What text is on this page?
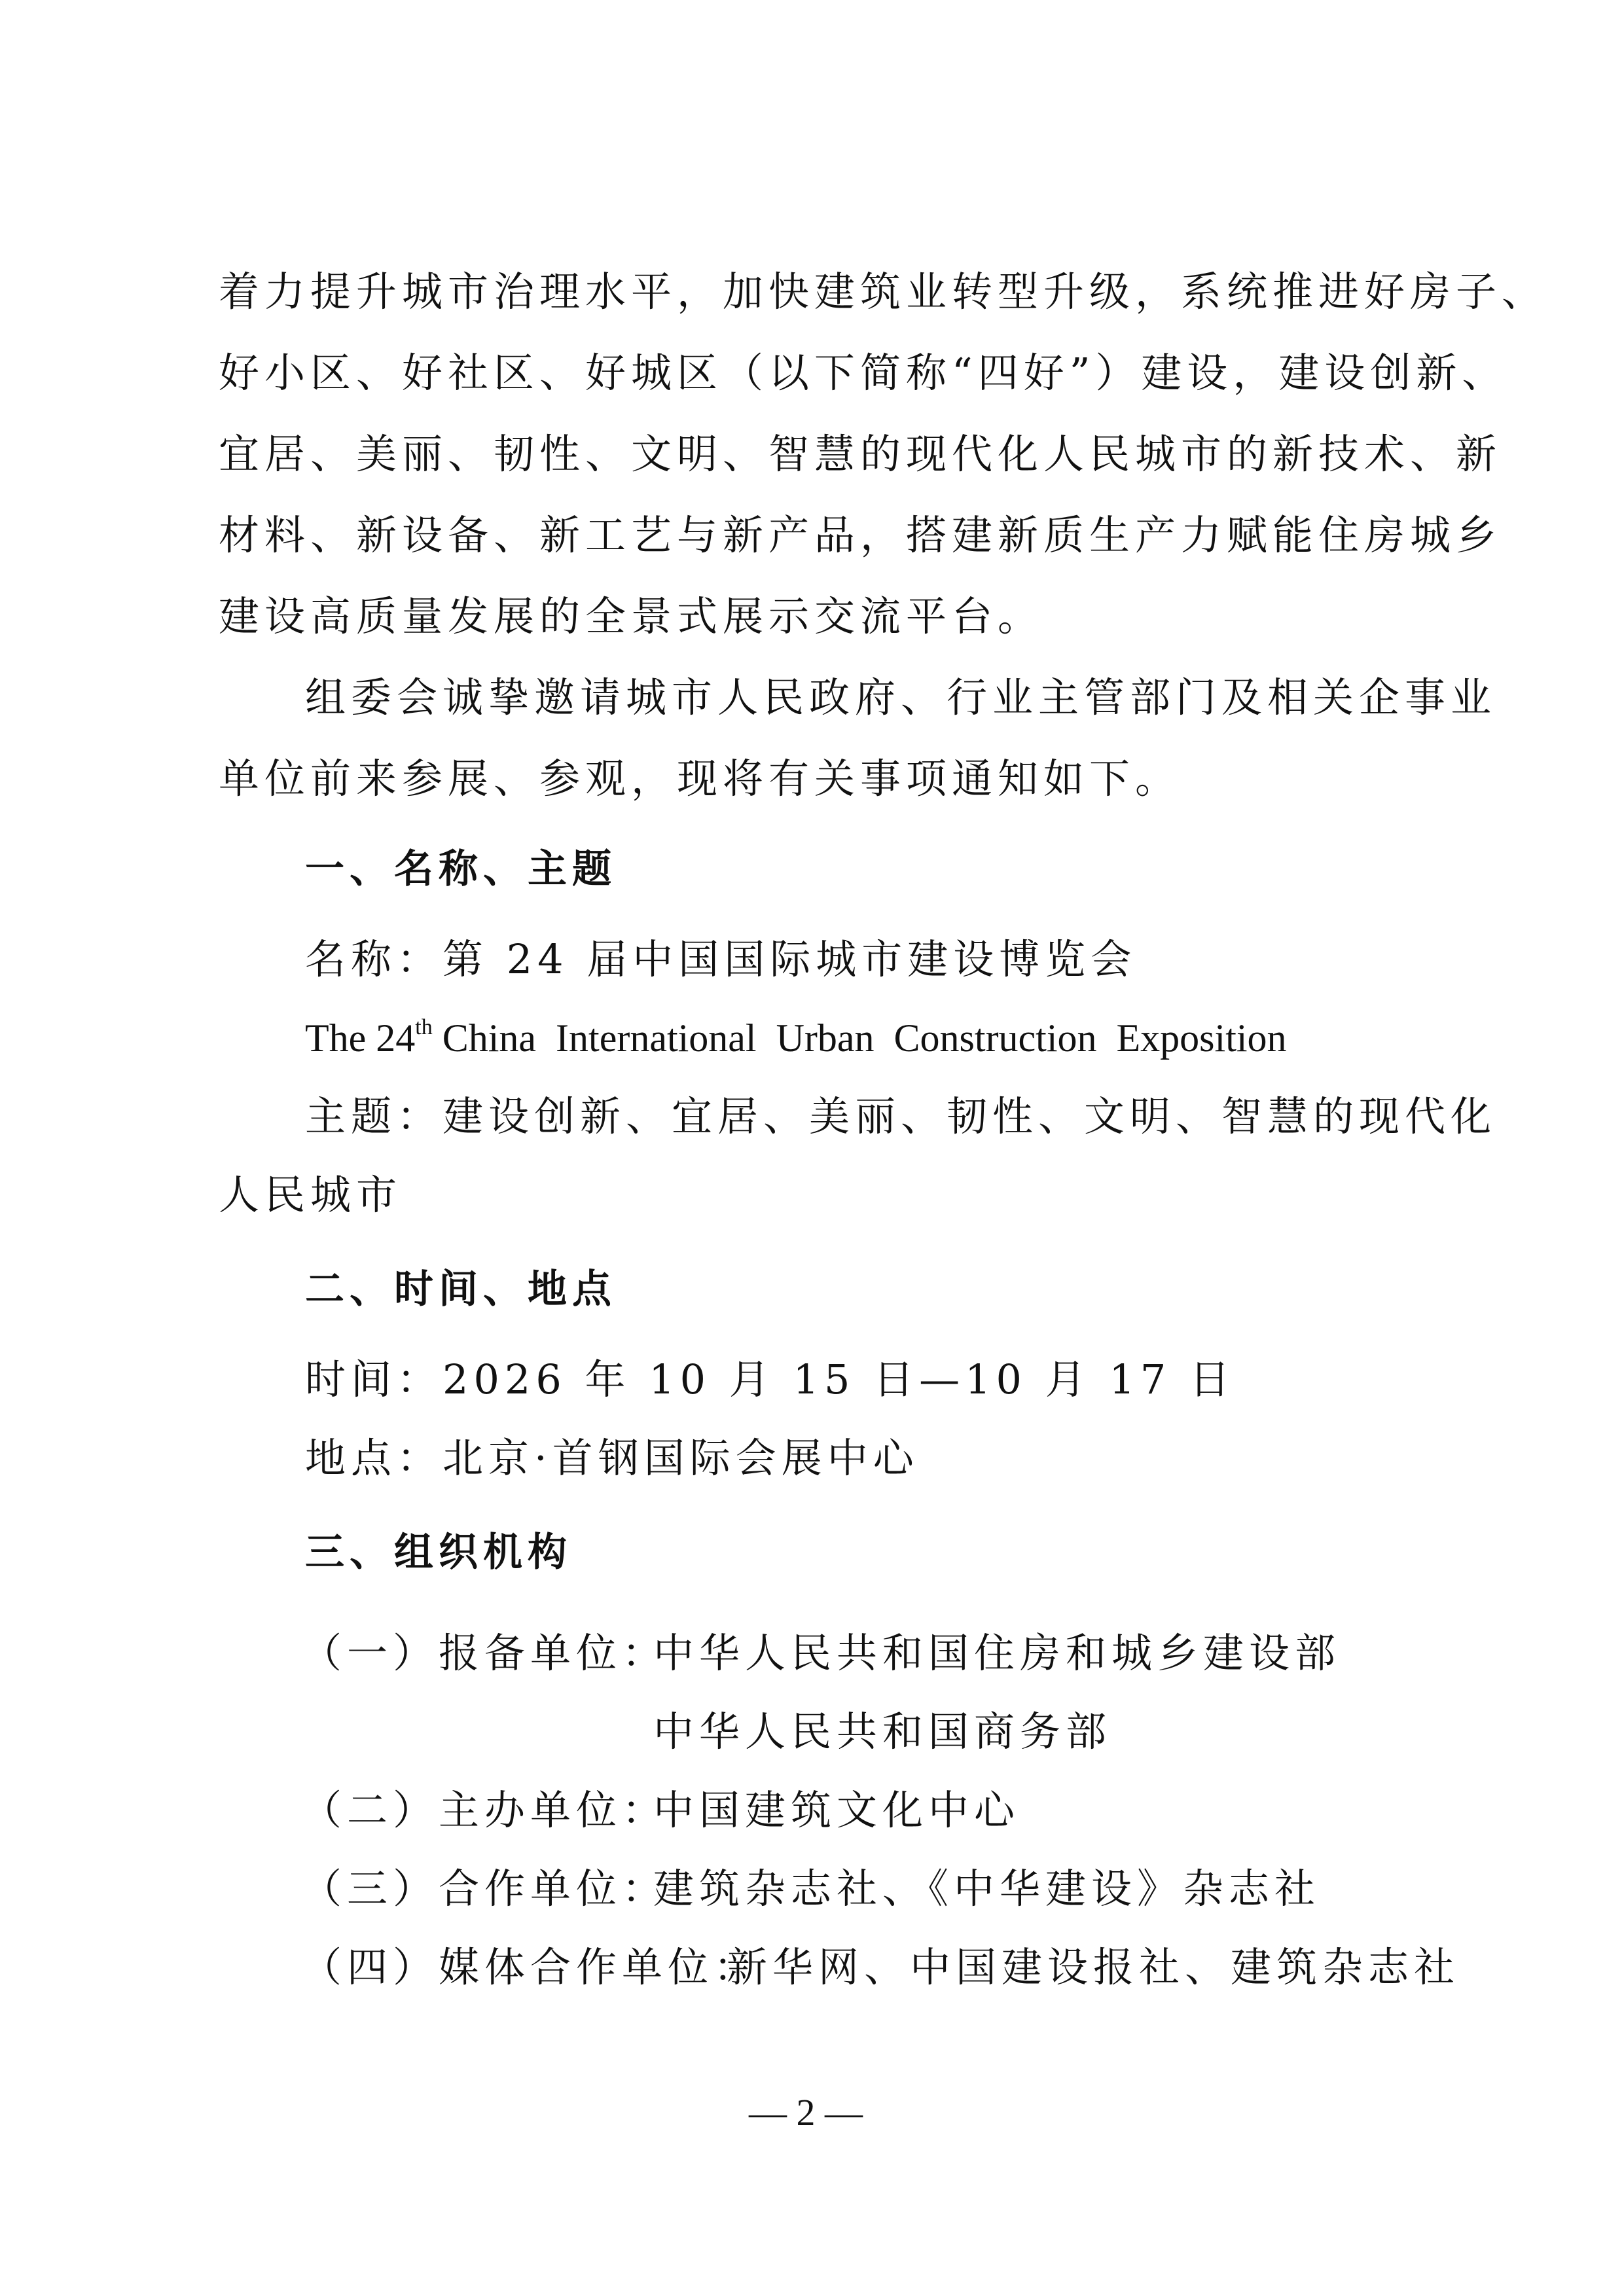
着力提升城市治理水平，加快建筑业转型升级，系统推进好房子、
好小区、好社区、好城区（以下简称“四好”）建设，建设创新、
宜居、美丽、韧性、文明、智慧的现代化人民城市的新技术、新
材料、新设备、新工艺与新产品，搭建新质生产力赋能住房城乡
建设高质量发展的全景式展示交流平台。
组委会诚挚邀请城市人民政府、行业主管部门及相关企事业
单位前来参展、参观，现将有关事项通知如下。
一、名称、主题
名称：第 24 届中国国际城市建设博览会
The 24th China  International  Urban  Construction  Exposition
主题：建设创新、宜居、美丽、韧性、文明、智慧的现代化
人民城市
二、时间、地点
时间：2026 年 10 月 15 日—10 月 17 日
地点：北京·首钢国际会展中心
三、组织机构
（一）报备单位：
中华人民共和国住房和城乡建设部
中华人民共和国商务部
（二）主办单位：
中国建筑文化中心
（三）合作单位：
建筑杂志社、《中华建设》杂志社
（四）媒体合作单位：
新华网、中国建设报社、建筑杂志社
— 2 —
